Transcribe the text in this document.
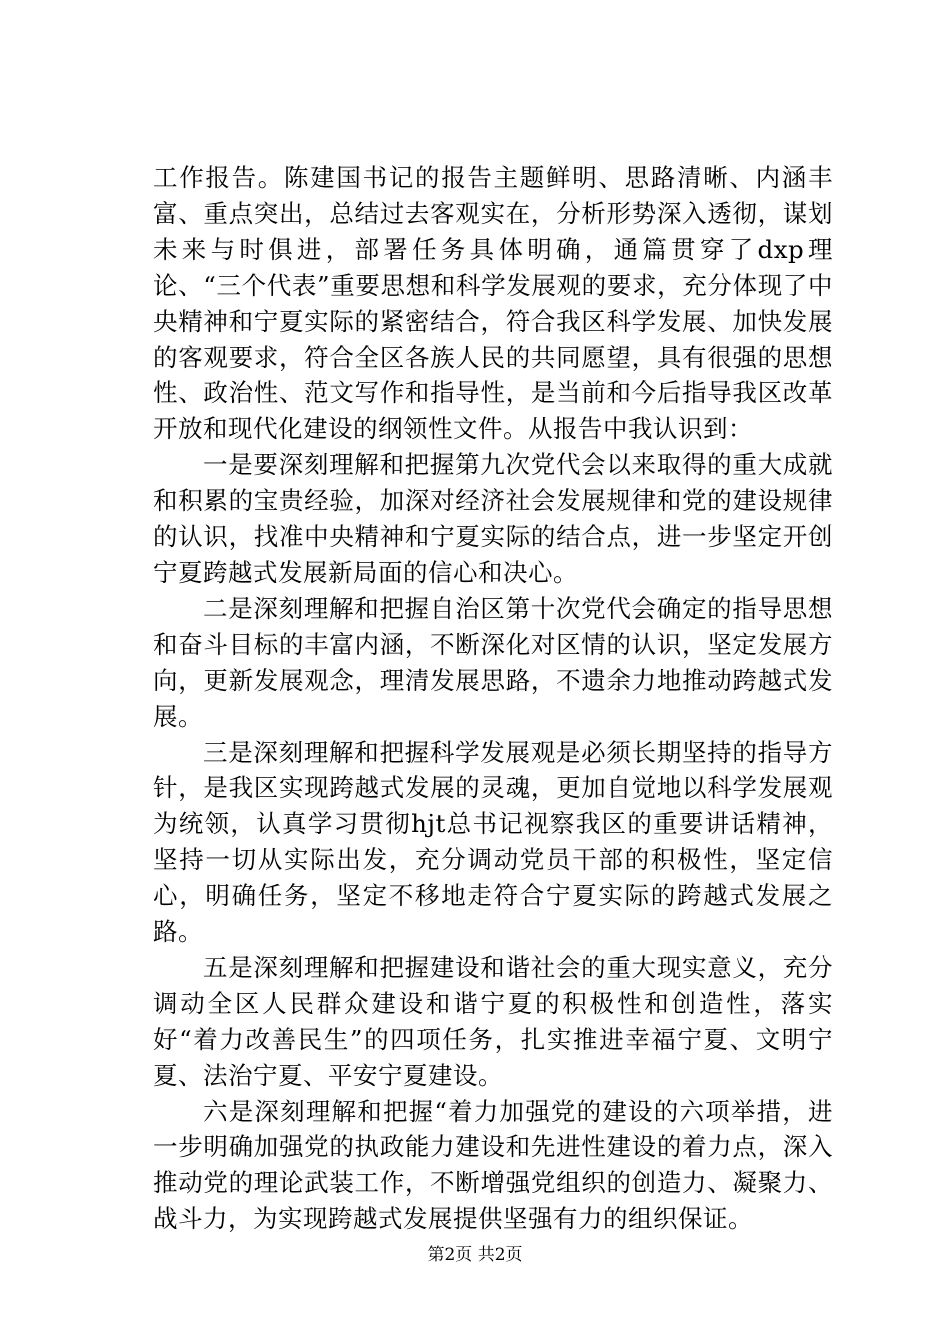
工作报告。陈建国书记的报告主题鲜明、思路清晰、内涵丰富、重点突出，总结过去客观实在，分析形势深入透彻，谋划未来与时俱进，部署任务具体明确，通篇贯穿了dxp理论、“三个代表”重要思想和科学发展观的要求，充分体现了中央精神和宁夏实际的紧密结合，符合我区科学发展、加快发展的客观要求，符合全区各族人民的共同愿望，具有很强的思想性、政治性、范文写作和指导性，是当前和今后指导我区改革开放和现代化建设的纲领性文件。从报告中我认识到：

一是要深刻理解和把握第九次党代会以来取得的重大成就和积累的宝贵经验，加深对经济社会发展规律和党的建设规律的认识，找准中央精神和宁夏实际的结合点，进一步坚定开创宁夏跨越式发展新局面的信心和决心。

二是深刻理解和把握自治区第十次党代会确定的指导思想和奋斗目标的丰富内涵，不断深化对区情的认识，坚定发展方向，更新发展观念，理清发展思路，不遗余力地推动跨越式发展。

三是深刻理解和把握科学发展观是必须长期坚持的指导方针，是我区实现跨越式发展的灵魂，更加自觉地以科学发展观为统领，认真学习贯彻hjt总书记视察我区的重要讲话精神，坚持一切从实际出发，充分调动党员干部的积极性，坚定信心，明确任务，坚定不移地走符合宁夏实际的跨越式发展之路。

五是深刻理解和把握建设和谐社会的重大现实意义，充分调动全区人民群众建设和谐宁夏的积极性和创造性，落实好“着力改善民生”的四项任务，扎实推进幸福宁夏、文明宁夏、法治宁夏、平安宁夏建设。

六是深刻理解和把握“着力加强党的建设的六项举措，进一步明确加强党的执政能力建设和先进性建设的着力点，深入推动党的理论武装工作，不断增强党组织的创造力、凝聚力、战斗力，为实现跨越式发展提供坚强有力的组织保证。

第2页 共2页
